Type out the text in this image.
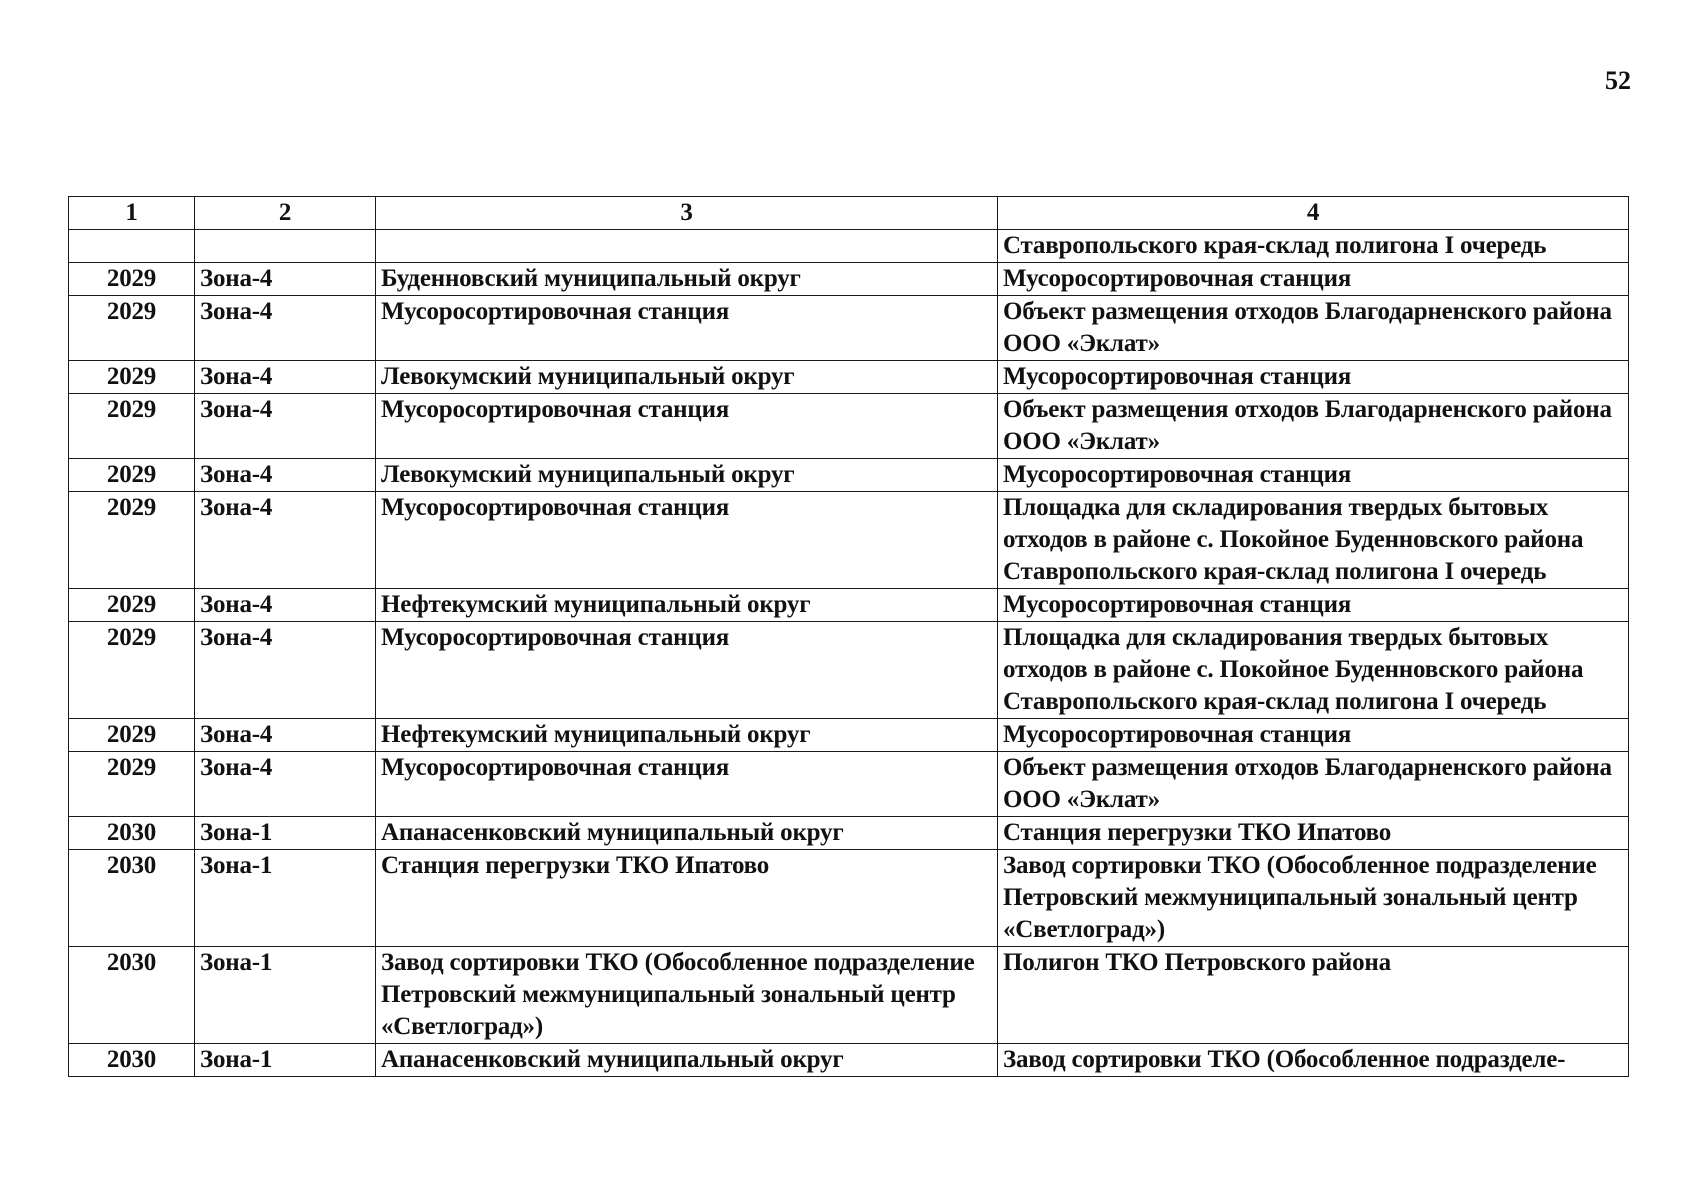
52
1	2	3	4
			Ставропольского края-склад полигона I очередь
2029	Зона-4	Буденновский муниципальный округ	Мусоросортировочная станция
2029	Зона-4	Мусоросортировочная станция	Объект размещения отходов Благодарненского района ООО «Эклат»
2029	Зона-4	Левокумский муниципальный округ	Мусоросортировочная станция
2029	Зона-4	Мусоросортировочная станция	Объект размещения отходов Благодарненского района ООО «Эклат»
2029	Зона-4	Левокумский муниципальный округ	Мусоросортировочная станция
2029	Зона-4	Мусоросортировочная станция	Площадка для складирования твердых бытовых отходов в районе с. Покойное Буденновского района Ставропольского края-склад полигона I очередь
2029	Зона-4	Нефтекумский муниципальный округ	Мусоросортировочная станция
2029	Зона-4	Мусоросортировочная станция	Площадка для складирования твердых бытовых отходов в районе с. Покойное Буденновского района Ставропольского края-склад полигона I очередь
2029	Зона-4	Нефтекумский муниципальный округ	Мусоросортировочная станция
2029	Зона-4	Мусоросортировочная станция	Объект размещения отходов Благодарненского района ООО «Эклат»
2030	Зона-1	Апанасенковский муниципальный округ	Станция перегрузки ТКО Ипатово
2030	Зона-1	Станция перегрузки ТКО Ипатово	Завод сортировки ТКО (Обособленное подразделение Петровский межмуниципальный зональный центр «Светлоград»)
2030	Зона-1	Завод сортировки ТКО (Обособленное подразделение Петровский межмуниципальный зональный центр «Светлоград»)	Полигон ТКО Петровского района
2030	Зона-1	Апанасенковский муниципальный округ	Завод сортировки ТКО (Обособленное подразделе-
